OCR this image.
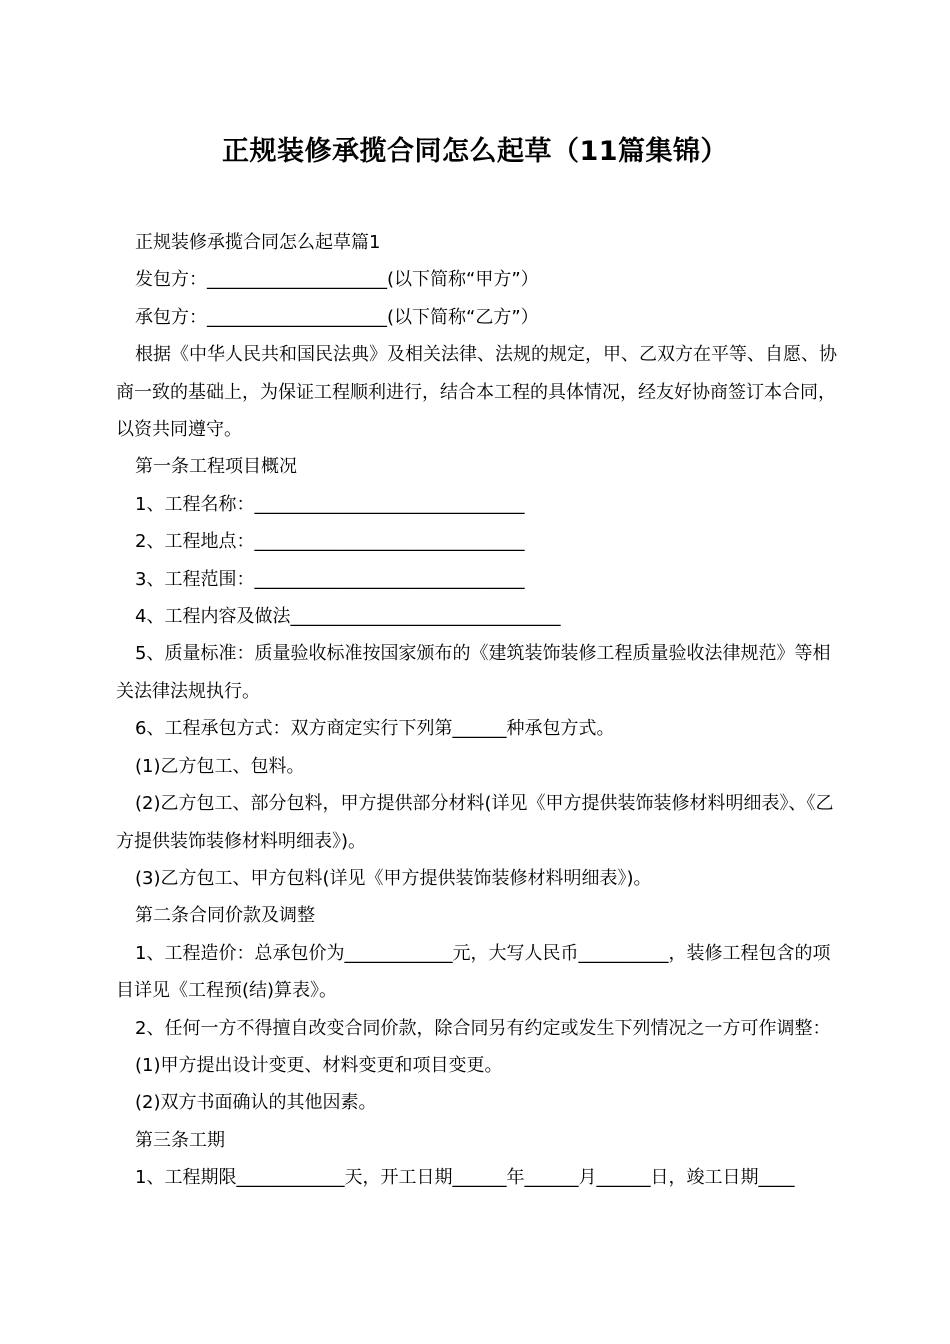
正规装修承揽合同怎么起草（11篇集锦）

正规装修承揽合同怎么起草篇1

发包方：____________________(以下简称“甲方”）

承包方：____________________(以下简称“乙方”）

根据《中华人民共和国民法典》及相关法律、法规的规定，甲、乙双方在平等、自愿、协商一致的基础上，为保证工程顺利进行，结合本工程的具体情况，经友好协商签订本合同，以资共同遵守。

第一条工程项目概况

1、工程名称：______________________________

2、工程地点：______________________________

3、工程范围：______________________________

4、工程内容及做法______________________________

5、质量标准：质量验收标准按国家颁布的《建筑装饰装修工程质量验收法律规范》等相关法律法规执行。

6、工程承包方式：双方商定实行下列第______种承包方式。

(1)乙方包工、包料。

(2)乙方包工、部分包料，甲方提供部分材料(详见《甲方提供装饰装修材料明细表》、《乙方提供装饰装修材料明细表》)。

(3)乙方包工、甲方包料(详见《甲方提供装饰装修材料明细表》)。

第二条合同价款及调整

1、工程造价：总承包价为____________元，大写人民币__________，装修工程包含的项目详见《工程预(结)算表》。

2、任何一方不得擅自改变合同价款，除合同另有约定或发生下列情况之一方可作调整：

(1)甲方提出设计变更、材料变更和项目变更。

(2)双方书面确认的其他因素。

第三条工期

1、工程期限____________天，开工日期______年______月______日，竣工日期____
